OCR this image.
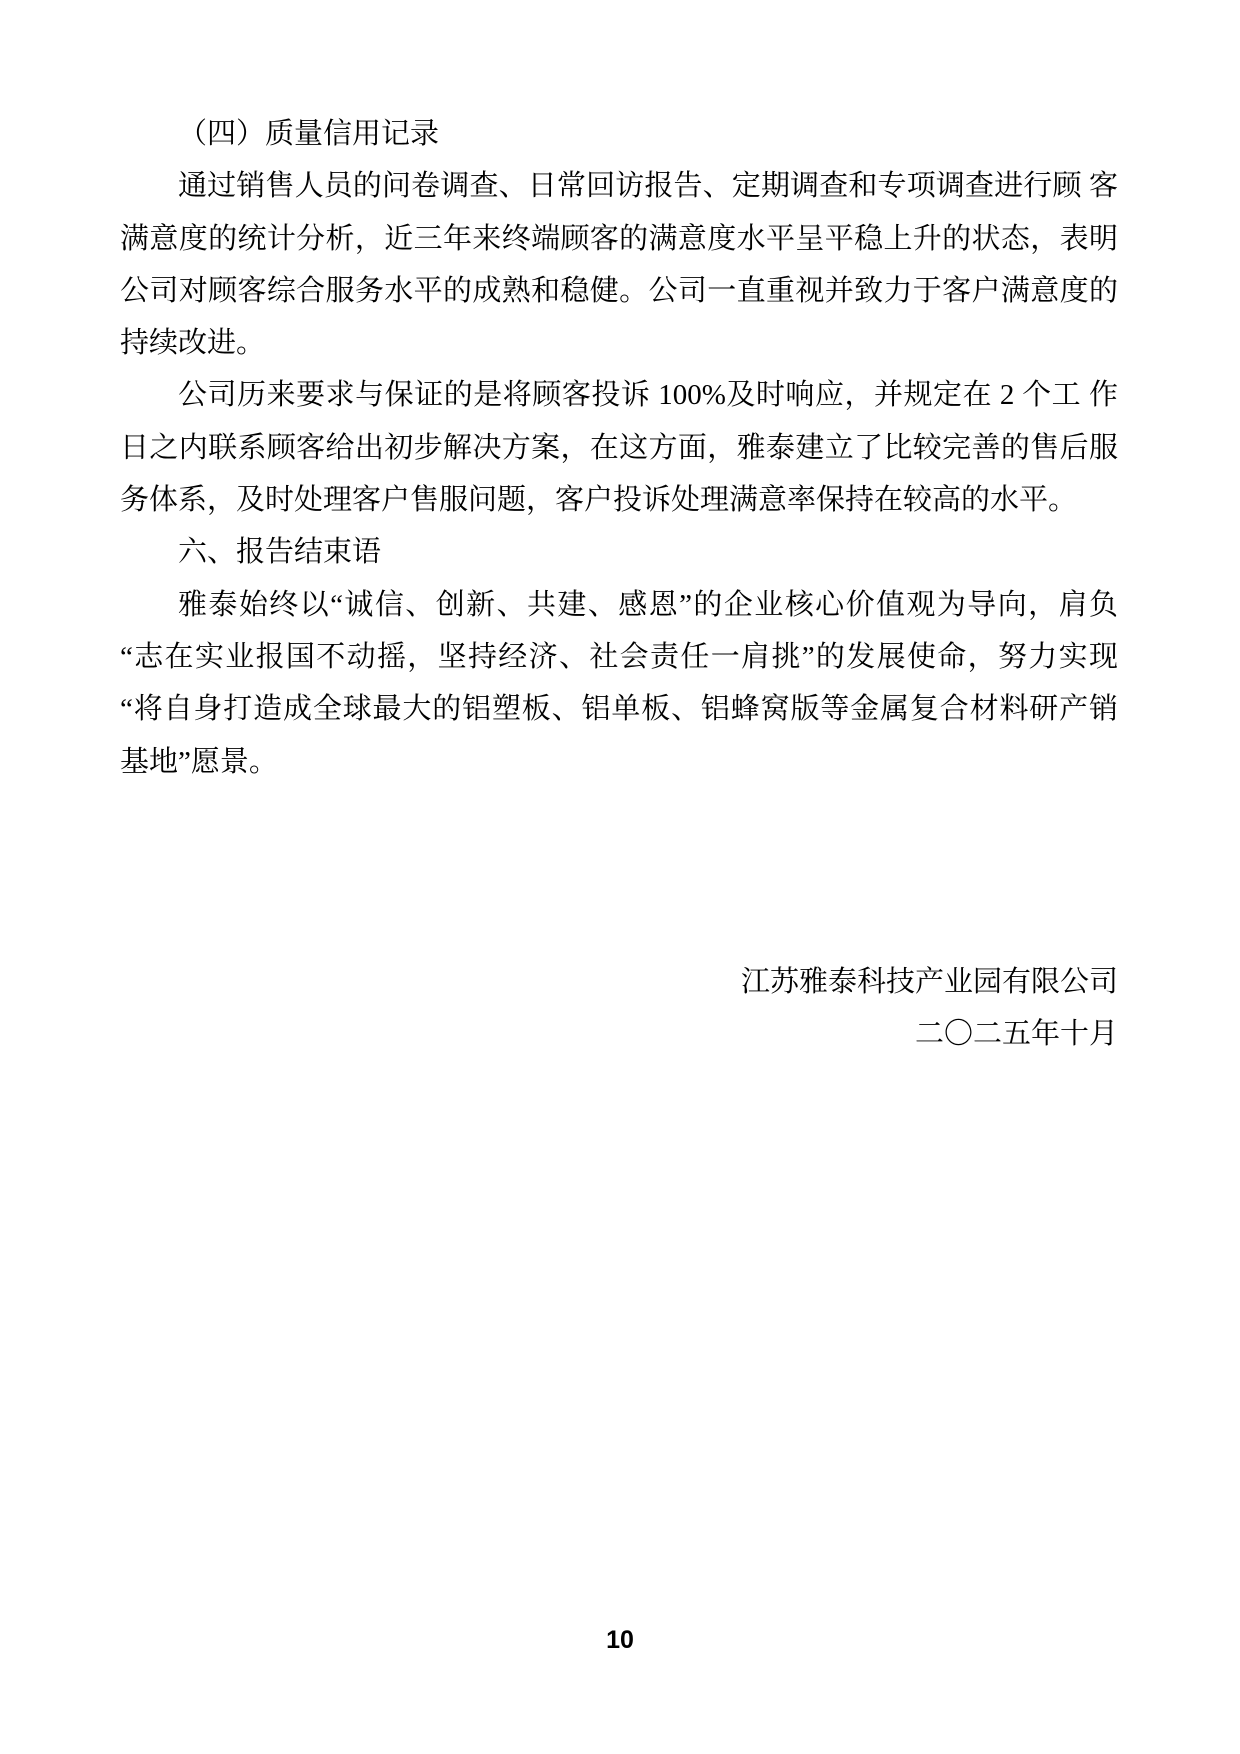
（四）质量信用记录
通过销售人员的问卷调查、日常回访报告、定期调查和专项调查进行顾 客
满意度的统计分析，近三年来终端顾客的满意度水平呈平稳上升的状态，表明
公司对顾客综合服务水平的成熟和稳健。公司一直重视并致力于客户满意度的
持续改进。
公司历来要求与保证的是将顾客投诉 100%及时响应，并规定在 2 个工 作
日之内联系顾客给出初步解决方案，在这方面，雅泰建立了比较完善的售后服
务体系，及时处理客户售服问题，客户投诉处理满意率保持在较高的水平。
六、报告结束语
雅泰始终以“诚信、创新、共建、感恩”的企业核心价值观为导向，肩负
“志在实业报国不动摇，坚持经济、社会责任一肩挑”的发展使命，努力实现
“将自身打造成全球最大的铝塑板、铝单板、铝蜂窝版等金属复合材料研产销
基地”愿景。
江苏雅泰科技产业园有限公司
二〇二五年十月
10
